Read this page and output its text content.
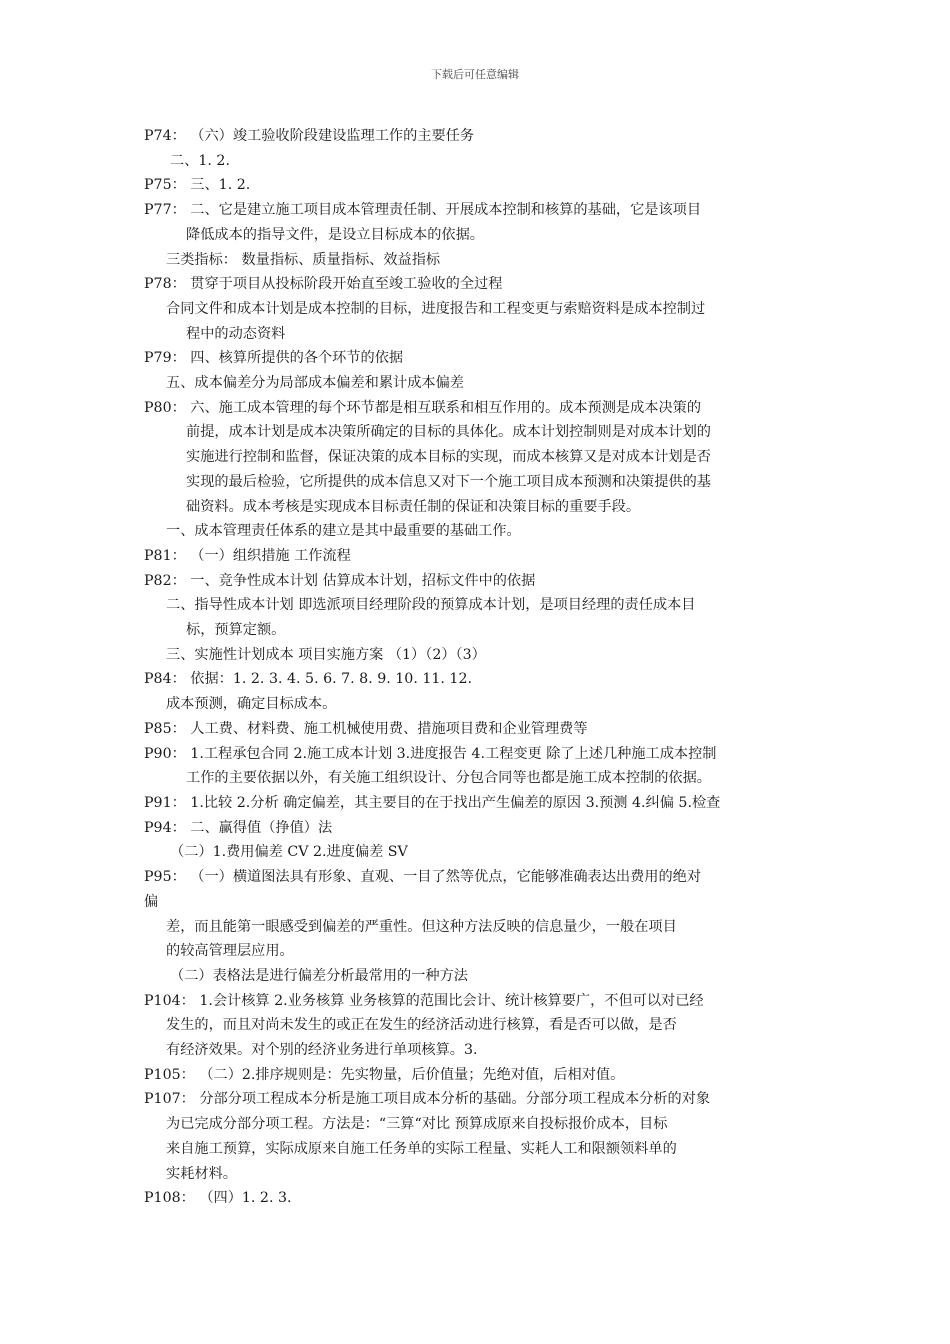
下载后可任意编辑
P74： （六）竣工验收阶段建设监理工作的主要任务
二、1. 2.
P75： 三、1. 2.
P77： 二、它是建立施工项目成本管理责任制、开展成本控制和核算的基础，它是该项目
降低成本的指导文件，是设立目标成本的依据。
三类指标： 数量指标、质量指标、效益指标
P78： 贯穿于项目从投标阶段开始直至竣工验收的全过程
合同文件和成本计划是成本控制的目标，进度报告和工程变更与索赔资料是成本控制过
程中的动态资料
P79： 四、核算所提供的各个环节的依据
五、成本偏差分为局部成本偏差和累计成本偏差
P80： 六、施工成本管理的每个环节都是相互联系和相互作用的。成本预测是成本决策的
前提，成本计划是成本决策所确定的目标的具体化。成本计划控制则是对成本计划的
实施进行控制和监督，保证决策的成本目标的实现，而成本核算又是对成本计划是否
实现的最后检验，它所提供的成本信息又对下一个施工项目成本预测和决策提供的基
础资料。成本考核是实现成本目标责任制的保证和决策目标的重要手段。
一、成本管理责任体系的建立是其中最重要的基础工作。
P81： （一）组织措施 工作流程
P82： 一、竞争性成本计划 估算成本计划，招标文件中的依据
二、指导性成本计划 即选派项目经理阶段的预算成本计划，是项目经理的责任成本目
标，预算定额。
三、实施性计划成本 项目实施方案 （1）（2）（3）
P84： 依据：1. 2. 3. 4. 5. 6. 7. 8. 9. 10. 11. 12.
成本预测，确定目标成本。
P85： 人工费、材料费、施工机械使用费、措施项目费和企业管理费等
P90： 1.工程承包合同 2.施工成本计划 3.进度报告 4.工程变更 除了上述几种施工成本控制
工作的主要依据以外，有关施工组织设计、分包合同等也都是施工成本控制的依据。
P91： 1.比较 2.分析 确定偏差，其主要目的在于找出产生偏差的原因 3.预测 4.纠偏 5.检查
P94： 二、赢得值（挣值）法
（二）1.费用偏差 CV 2.进度偏差 SV
P95： （一）横道图法具有形象、直观、一目了然等优点，它能够准确表达出费用的绝对
偏
差，而且能第一眼感受到偏差的严重性。但这种方法反映的信息量少，一般在项目
的较高管理层应用。
（二）表格法是进行偏差分析最常用的一种方法
P104： 1.会计核算 2.业务核算 业务核算的范围比会计、统计核算要广，不但可以对已经
发生的，而且对尚未发生的或正在发生的经济活动进行核算，看是否可以做，是否
有经济效果。对个别的经济业务进行单项核算。3.
P105： （二）2.排序规则是：先实物量，后价值量；先绝对值，后相对值。
P107： 分部分项工程成本分析是施工项目成本分析的基础。分部分项工程成本分析的对象
为已完成分部分项工程。方法是：“三算“对比 预算成原来自投标报价成本，目标
来自施工预算，实际成原来自施工任务单的实际工程量、实耗人工和限额领料单的
实耗材料。
P108： （四）1. 2. 3.
